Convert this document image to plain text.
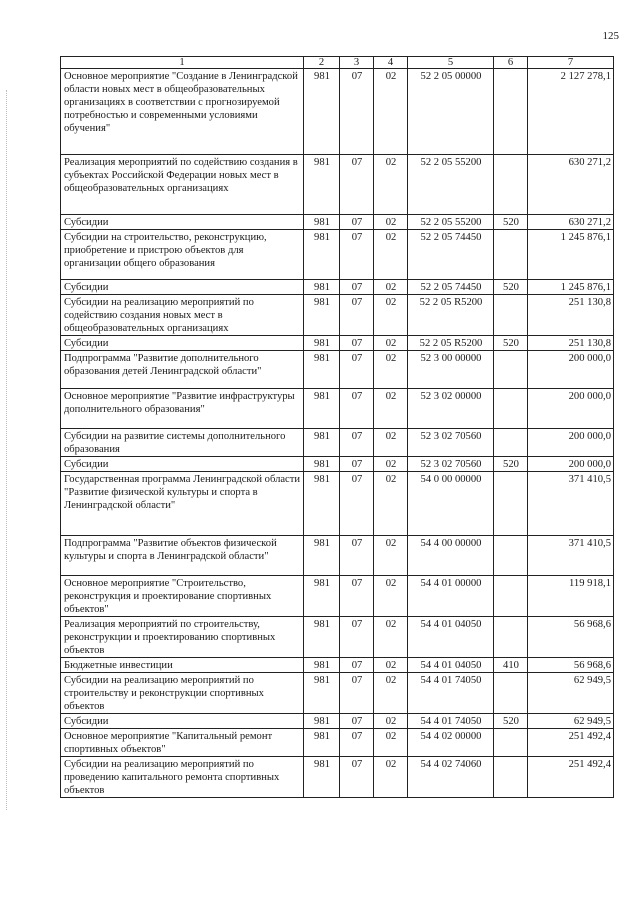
125
1	2	3	4	5	6	7
Основное мероприятие "Создание в Ленинградской области новых мест в общеобразовательных организациях в соответствии с прогнозируемой потребностью и современными условиями обучения"	981	07	02	52 2 05 00000		2 127 278,1
Реализация мероприятий по содействию создания в субъектах Российской Федерации новых мест в общеобразовательных организациях	981	07	02	52 2 05 55200		630 271,2
Субсидии	981	07	02	52 2 05 55200	520	630 271,2
Субсидии на строительство, реконструкцию, приобретение и пристрою объектов для организации общего образования	981	07	02	52 2 05 74450		1 245 876,1
Субсидии	981	07	02	52 2 05 74450	520	1 245 876,1
Субсидии на реализацию мероприятий по содействию создания новых мест в общеобразовательных организациях	981	07	02	52 2 05 R5200		251 130,8
Субсидии	981	07	02	52 2 05 R5200	520	251 130,8
Подпрограмма "Развитие дополнительного образования детей Ленинградской области"	981	07	02	52 3 00 00000		200 000,0
Основное мероприятие "Развитие инфраструктуры дополнительного образования"	981	07	02	52 3 02 00000		200 000,0
Субсидии на развитие системы дополнительного образования	981	07	02	52 3 02 70560		200 000,0
Субсидии	981	07	02	52 3 02 70560	520	200 000,0
Государственная программа Ленинградской области "Развитие физической культуры и спорта в Ленинградской области"	981	07	02	54 0 00 00000		371 410,5
Подпрограмма "Развитие объектов физической культуры и спорта в Ленинградской области"	981	07	02	54 4 00 00000		371 410,5
Основное мероприятие "Строительство, реконструкция и проектирование спортивных объектов"	981	07	02	54 4 01 00000		119 918,1
Реализация мероприятий по строительству, реконструкции и проектированию спортивных объектов	981	07	02	54 4 01 04050		56 968,6
Бюджетные инвестиции	981	07	02	54 4 01 04050	410	56 968,6
Субсидии на реализацию мероприятий по строительству и реконструкции спортивных объектов	981	07	02	54 4 01 74050		62 949,5
Субсидии	981	07	02	54 4 01 74050	520	62 949,5
Основное мероприятие "Капитальный ремонт спортивных объектов"	981	07	02	54 4 02 00000		251 492,4
Субсидии на реализацию мероприятий по проведению капитального ремонта спортивных объектов	981	07	02	54 4 02 74060		251 492,4
